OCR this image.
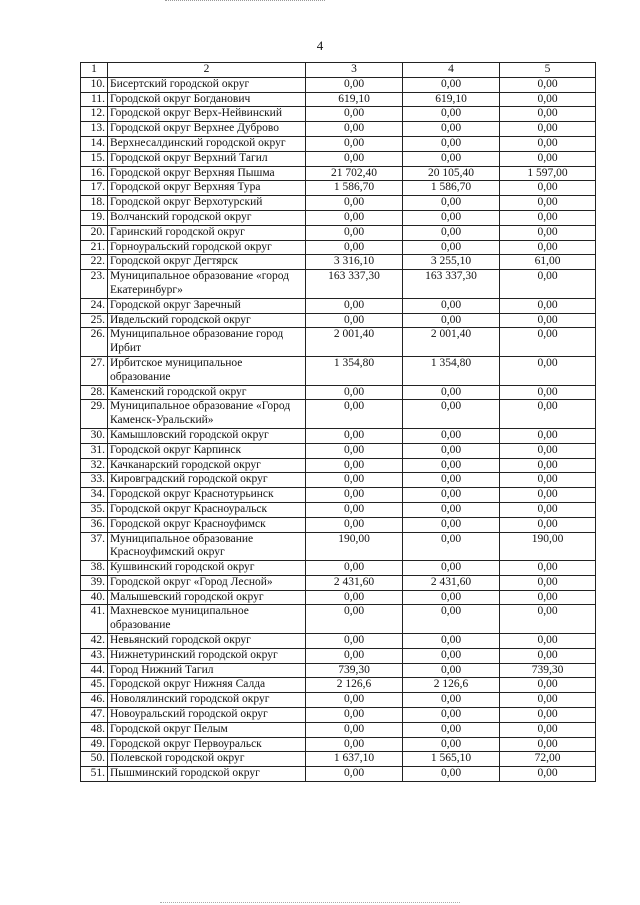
4
1	2	3	4	5
10.	Бисертский городской округ	0,00	0,00	0,00
11.	Городской округ Богданович	619,10	619,10	0,00
12.	Городской округ Верх-Нейвинский	0,00	0,00	0,00
13.	Городской округ Верхнее Дуброво	0,00	0,00	0,00
14.	Верхнесалдинский городской округ	0,00	0,00	0,00
15.	Городской округ Верхний Тагил	0,00	0,00	0,00
16.	Городской округ Верхняя Пышма	21 702,40	20 105,40	1 597,00
17.	Городской округ Верхняя Тура	1 586,70	1 586,70	0,00
18.	Городской округ Верхотурский	0,00	0,00	0,00
19.	Волчанский городской округ	0,00	0,00	0,00
20.	Гаринский городской округ	0,00	0,00	0,00
21.	Горноуральский городской округ	0,00	0,00	0,00
22.	Городской округ Дегтярск	3 316,10	3 255,10	61,00
23.	Муниципальное образование «город Екатеринбург»	163 337,30	163 337,30	0,00
24.	Городской округ Заречный	0,00	0,00	0,00
25.	Ивдельский городской округ	0,00	0,00	0,00
26.	Муниципальное образование город Ирбит	2 001,40	2 001,40	0,00
27.	Ирбитское муниципальное образование	1 354,80	1 354,80	0,00
28.	Каменский городской округ	0,00	0,00	0,00
29.	Муниципальное образование «Город Каменск-Уральский»	0,00	0,00	0,00
30.	Камышловский городской округ	0,00	0,00	0,00
31.	Городской округ Карпинск	0,00	0,00	0,00
32.	Качканарский городской округ	0,00	0,00	0,00
33.	Кировградский городской округ	0,00	0,00	0,00
34.	Городской округ Краснотурьинск	0,00	0,00	0,00
35.	Городской округ Красноуральск	0,00	0,00	0,00
36.	Городской округ Красноуфимск	0,00	0,00	0,00
37.	Муниципальное образование Красноуфимский округ	190,00	0,00	190,00
38.	Кушвинский городской округ	0,00	0,00	0,00
39.	Городской округ «Город Лесной»	2 431,60	2 431,60	0,00
40.	Малышевский городской округ	0,00	0,00	0,00
41.	Махневское муниципальное образование	0,00	0,00	0,00
42.	Невьянский городской округ	0,00	0,00	0,00
43.	Нижнетуринский городской округ	0,00	0,00	0,00
44.	Город Нижний Тагил	739,30	0,00	739,30
45.	Городской округ Нижняя Салда	2 126,6	2 126,6	0,00
46.	Новолялинский городской округ	0,00	0,00	0,00
47.	Новоуральский городской округ	0,00	0,00	0,00
48.	Городской округ Пелым	0,00	0,00	0,00
49.	Городской округ Первоуральск	0,00	0,00	0,00
50.	Полевской городской округ	1 637,10	1 565,10	72,00
51.	Пышминский городской округ	0,00	0,00	0,00
